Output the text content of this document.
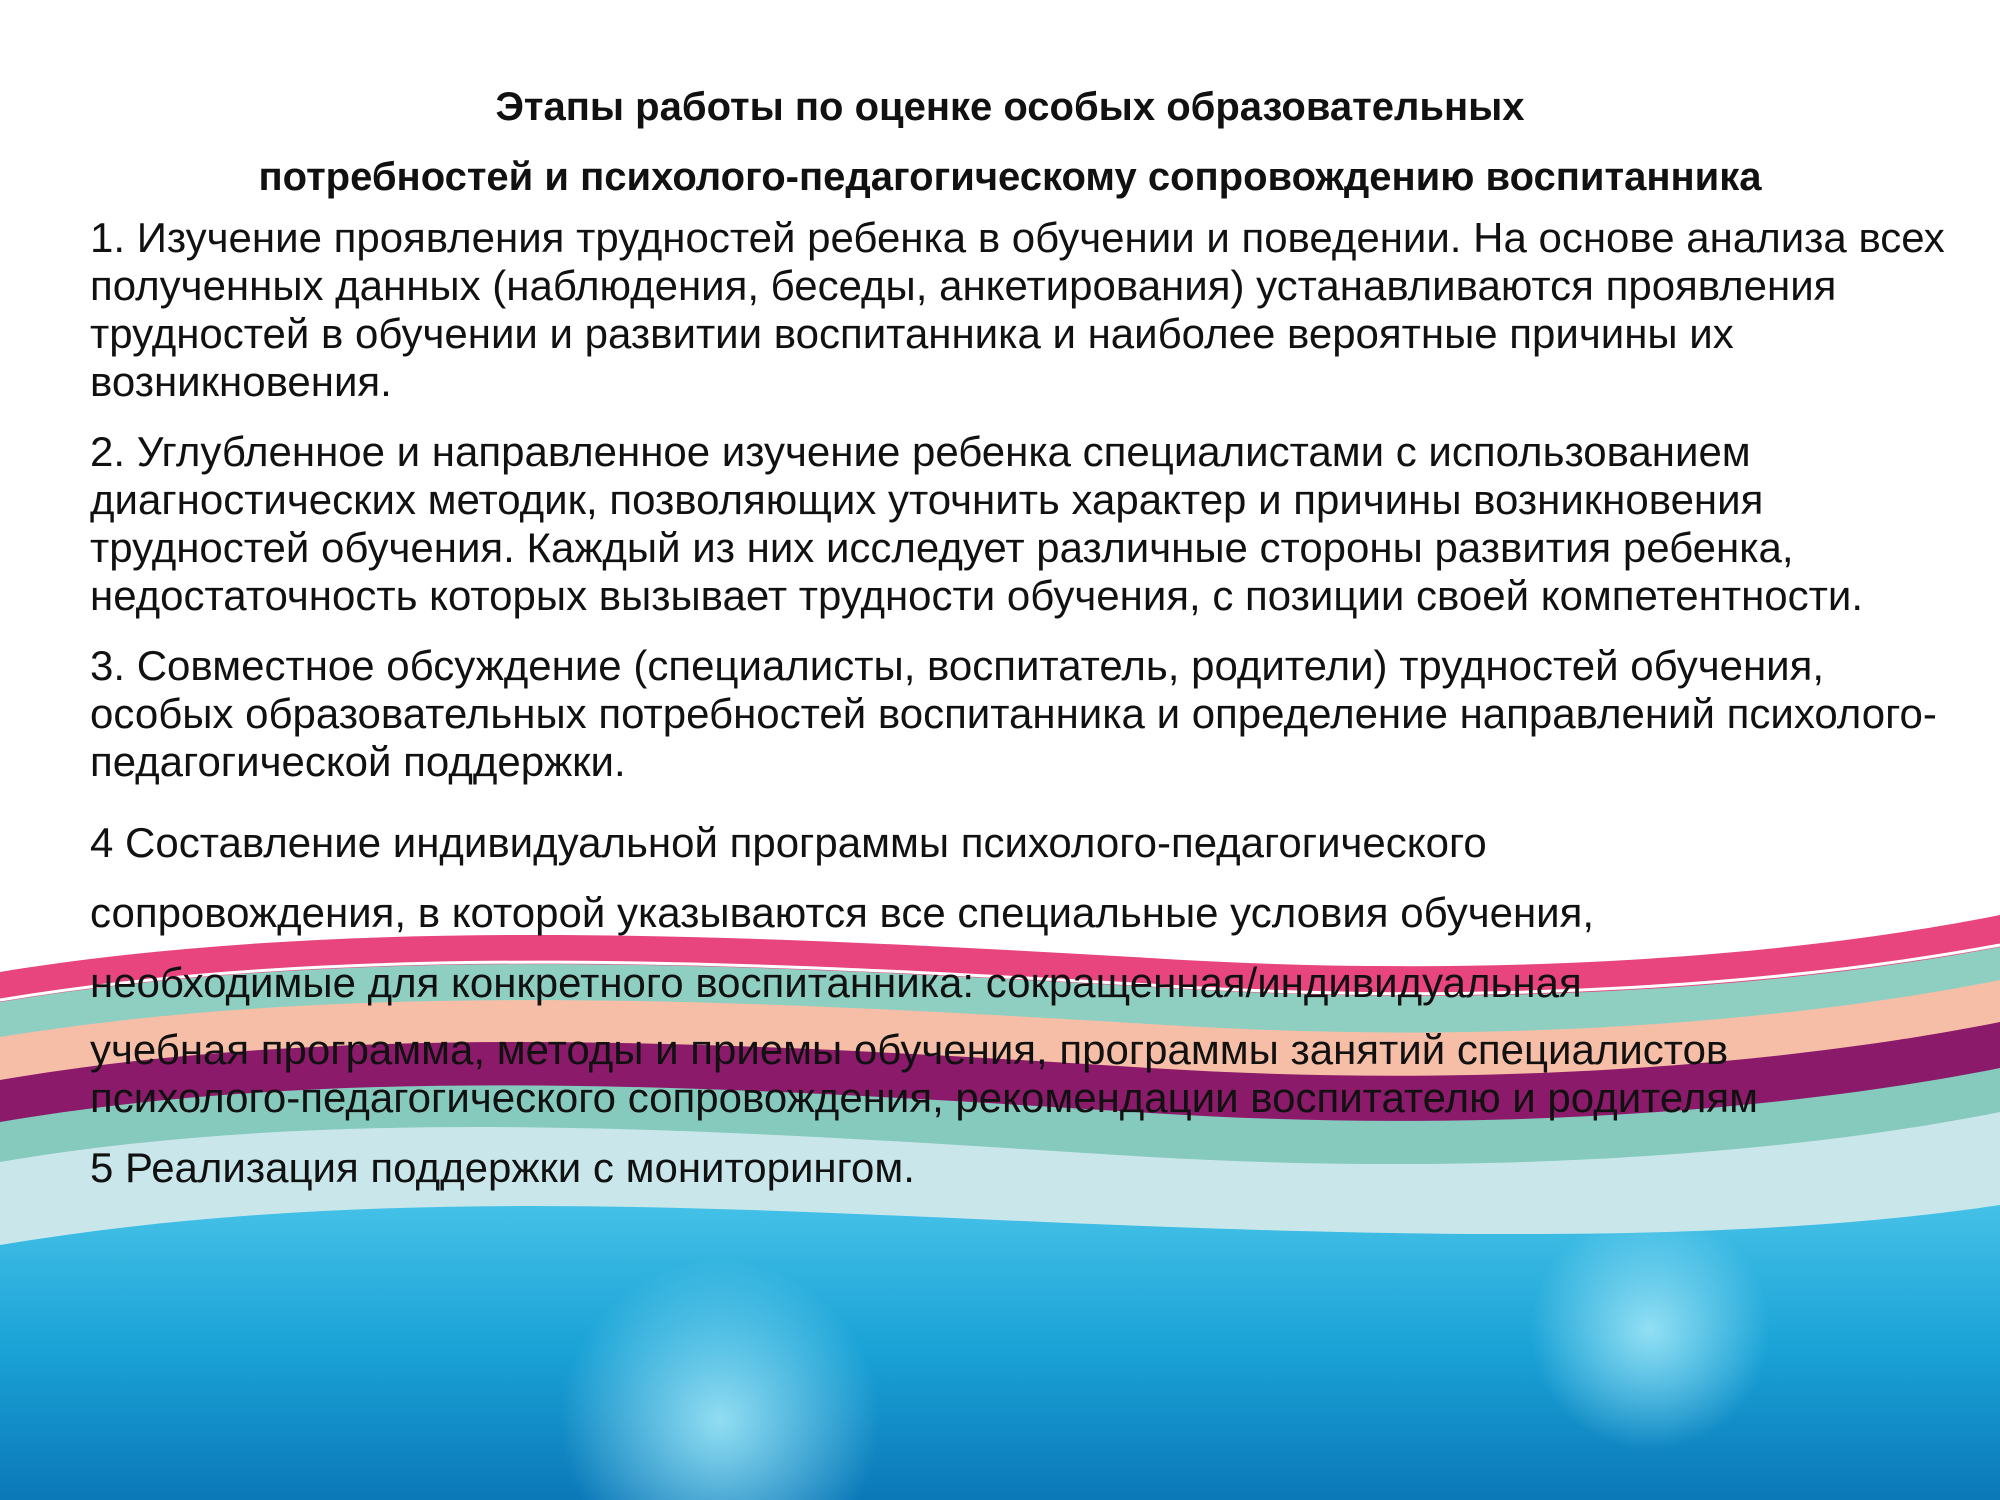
Этапы работы по оценке особых образовательных
потребностей и психолого-педагогическому сопровождению воспитанника

1. Изучение проявления трудностей ребенка в обучении и поведении. На основе анализа всех полученных данных (наблюдения, беседы, анкетирования) устанавливаются проявления трудностей в обучении и развитии воспитанника и наиболее вероятные причины их возникновения.

2. Углубленное и направленное изучение ребенка специалистами с использованием диагностических методик, позволяющих уточнить характер и причины возникновения трудностей обучения. Каждый из них исследует различные стороны развития ребенка, недостаточность которых вызывает трудности обучения, с позиции своей компетентности.

3. Совместное обсуждение (специалисты, воспитатель, родители) трудностей обучения, особых образовательных потребностей воспитанника и определение направлений психолого-педагогической поддержки.

4 Составление индивидуальной программы психолого-педагогического
сопровождения, в которой указываются все специальные условия обучения,
необходимые для конкретного воспитанника: сокращенная/индивидуальная
учебная программа, методы и приемы обучения, программы занятий специалистов
психолого-педагогического сопровождения, рекомендации воспитателю и родителям

5 Реализация поддержки с мониторингом.
